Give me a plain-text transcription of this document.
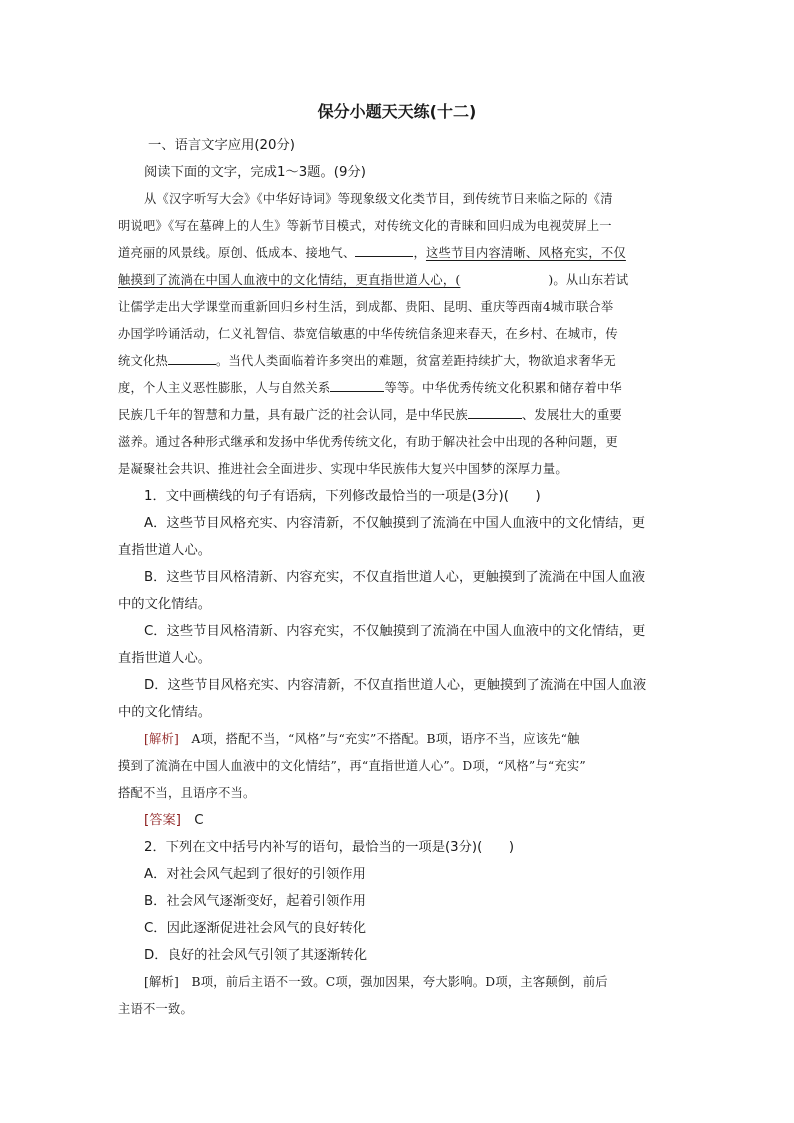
保分小题天天练(十二)
一、语言文字应用(20分)
阅读下面的文字，完成1～3题。(9分)
从《汉字听写大会》《中华好诗词》等现象级文化类节目，到传统节日来临之际的《清
明说吧》《写在墓碑上的人生》等新节目模式，对传统文化的青睐和回归成为电视荧屏上一
道亮丽的风景线。原创、低成本、接地气、	，这些节目内容清晰、风格充实，不仅
触摸到了流淌在中国人血液中的文化情结，更直指世道人心，(	)。从山东若试
让儒学走出大学课堂而重新回归乡村生活，到成都、贵阳、昆明、重庆等西南4城市联合举
办国学吟诵活动，仁义礼智信、恭宽信敏惠的中华传统信条迎来春天，在乡村、在城市，传
统文化热	。当代人类面临着许多突出的难题，贫富差距持续扩大，物欲追求奢华无
度，个人主义恶性膨胀，人与自然关系	等等。中华优秀传统文化积累和储存着中华
民族几千年的智慧和力量，具有最广泛的社会认同，是中华民族	、发展壮大的重要
滋养。通过各种形式继承和发扬中华优秀传统文化，有助于解决社会中出现的各种问题，更
是凝聚社会共识、推进社会全面进步、实现中华民族伟大复兴中国梦的深厚力量。
1．文中画横线的句子有语病，下列修改最恰当的一项是(3分)(　　)
A．这些节目风格充实、内容清新，不仅触摸到了流淌在中国人血液中的文化情结，更
直指世道人心。
B．这些节目风格清新、内容充实，不仅直指世道人心，更触摸到了流淌在中国人血液
中的文化情结。
C．这些节目风格清新、内容充实，不仅触摸到了流淌在中国人血液中的文化情结，更
直指世道人心。
D．这些节目风格充实、内容清新，不仅直指世道人心，更触摸到了流淌在中国人血液
中的文化情结。
[解析]　 A项，搭配不当，“风格”与“充实”不搭配。B项，语序不当，应该先“触
摸到了流淌在中国人血液中的文化情结”，再“直指世道人心”。D项，“风格”与“充实”
搭配不当，且语序不当。
[答案]　 C
2．下列在文中括号内补写的语句，最恰当的一项是(3分)(　　)
A．对社会风气起到了很好的引领作用
B．社会风气逐渐变好，起着引领作用
C．因此逐渐促进社会风气的良好转化
D．良好的社会风气引领了其逐渐转化
[解析]　 B项，前后主语不一致。C项，强加因果，夸大影响。D项，主客颠倒，前后
主语不一致。
